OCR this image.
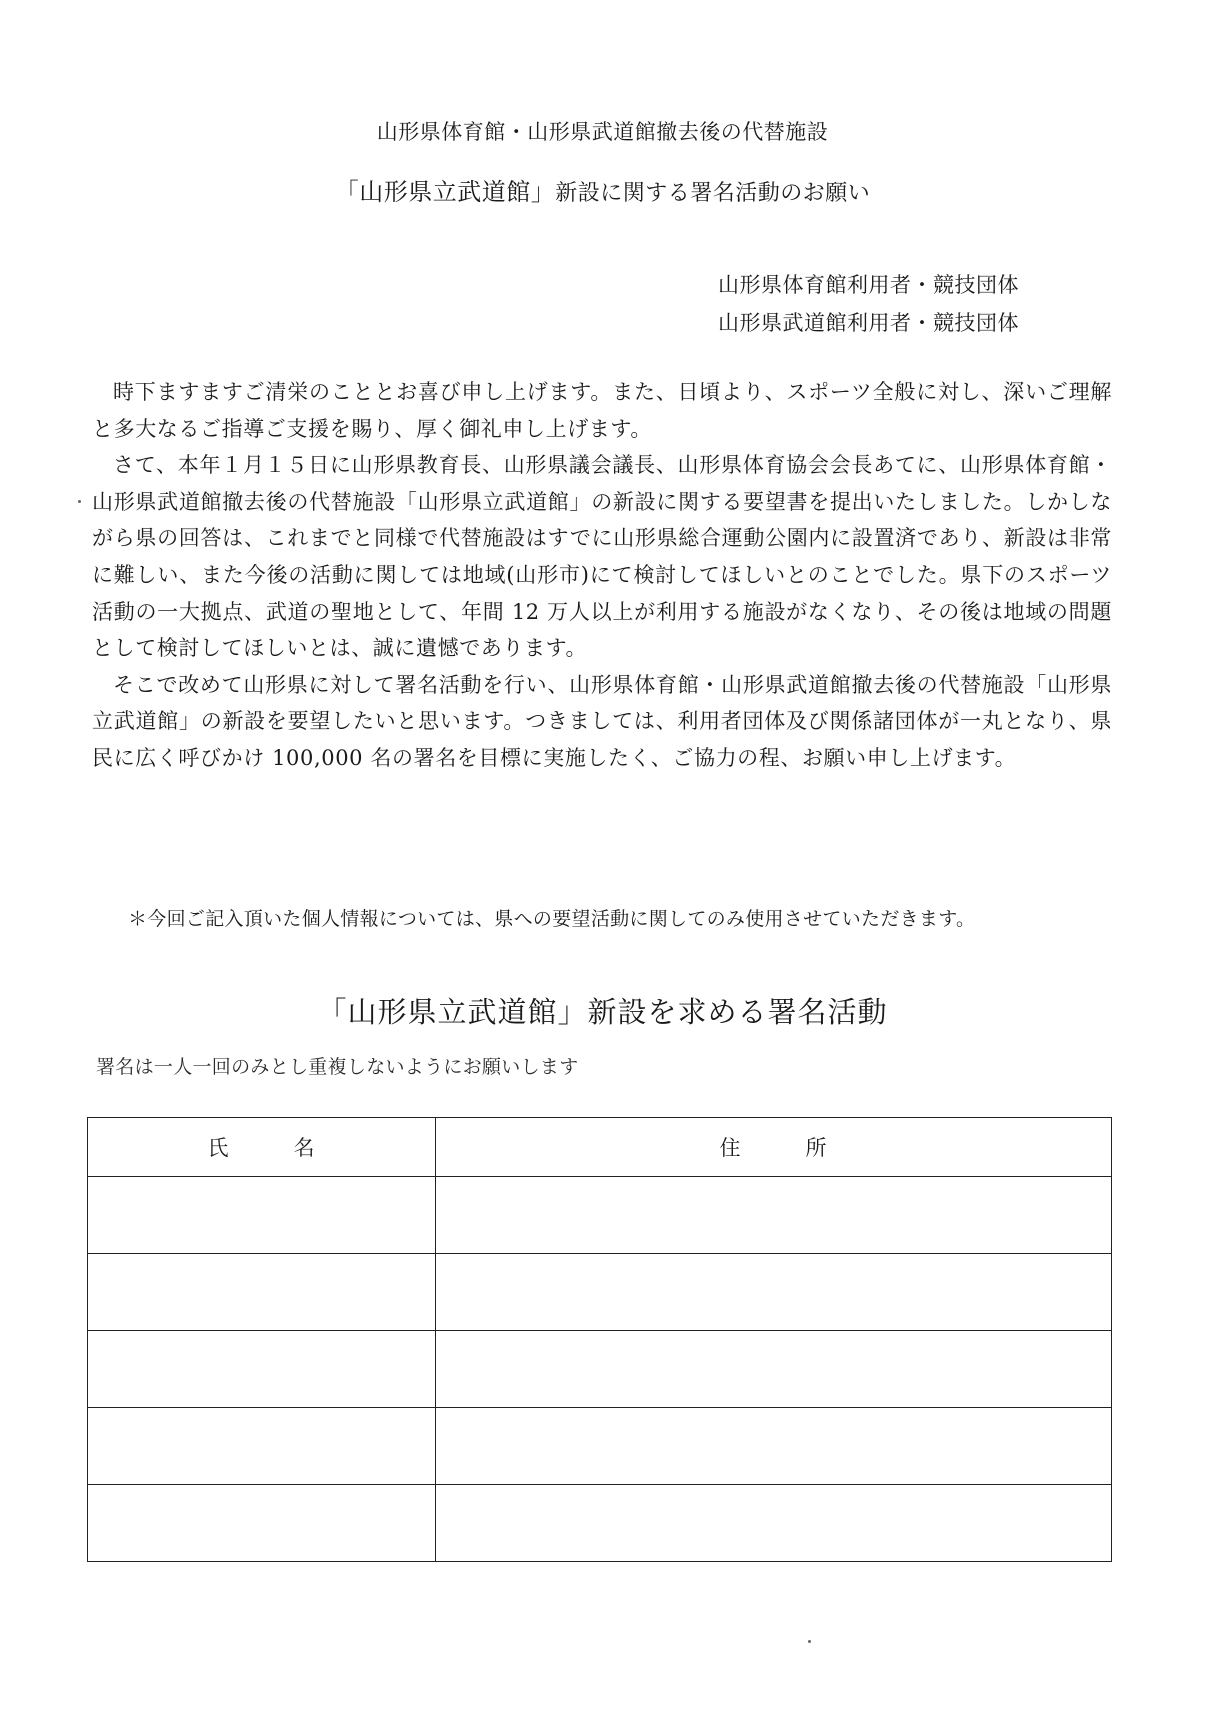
山形県体育館・山形県武道館撤去後の代替施設
「山形県立武道館」新設に関する署名活動のお願い
山形県体育館利用者・競技団体
山形県武道館利用者・競技団体

時下ますますご清栄のこととお喜び申し上げます。また、日頃より、スポーツ全般に対し、深いご理解と多大なるご指導ご支援を賜り、厚く御礼申し上げます。

さて、本年１月１５日に山形県教育長、山形県議会議長、山形県体育協会会長あてに、山形県体育館・山形県武道館撤去後の代替施設「山形県立武道館」の新設に関する要望書を提出いたしました。しかしながら県の回答は、これまでと同様で代替施設はすでに山形県総合運動公園内に設置済であり、新設は非常に難しい、また今後の活動に関しては地域(山形市)にて検討してほしいとのことでした。県下のスポーツ活動の一大拠点、武道の聖地として、年間 12 万人以上が利用する施設がなくなり、その後は地域の問題として検討してほしいとは、誠に遺憾であります。

そこで改めて山形県に対して署名活動を行い、山形県体育館・山形県武道館撤去後の代替施設「山形県立武道館」の新設を要望したいと思います。つきましては、利用者団体及び関係諸団体が一丸となり、県民に広く呼びかけ 100,000 名の署名を目標に実施したく、ご協力の程、お願い申し上げます。

＊今回ご記入頂いた個人情報については、県への要望活動に関してのみ使用させていただきます。
「山形県立武道館」新設を求める署名活動
署名は一人一回のみとし重複しないようにお願いします
氏 名	住 所
